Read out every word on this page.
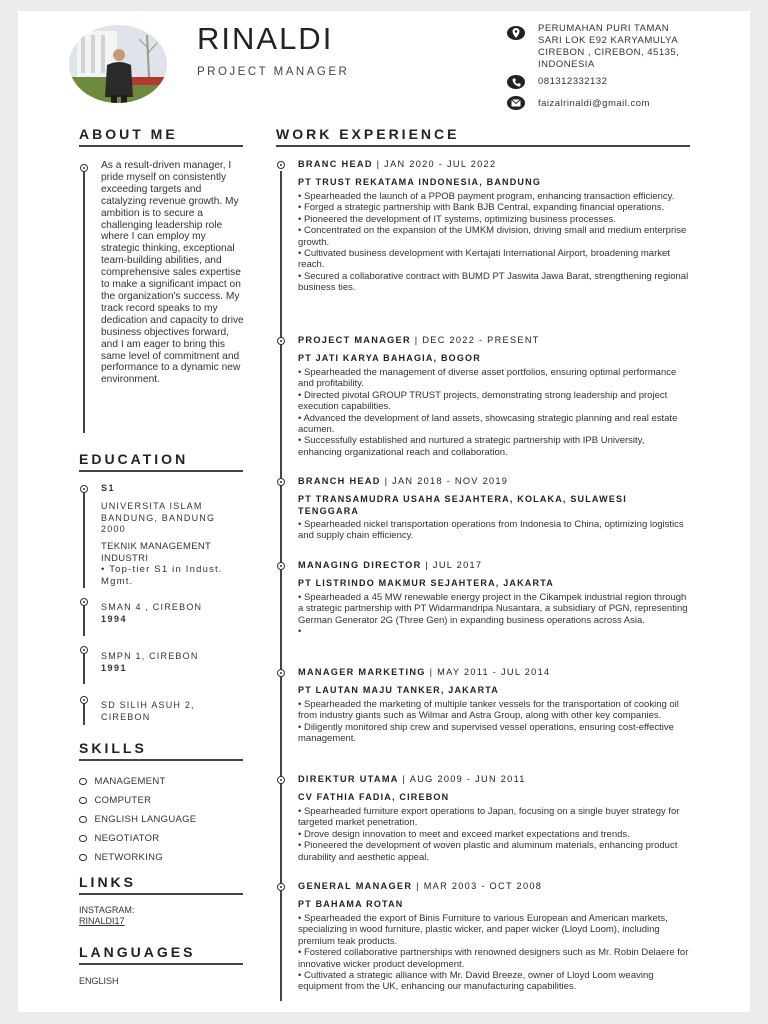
RINALDI
PROJECT MANAGER
PERUMAHAN PURI TAMAN
SARI LOK E92 KARYAMULYA
CIREBON , CIREBON, 45135,
INDONESIA
081312332132
faizalrinaldi@gmail.com
ABOUT ME
As a result-driven manager, I pride myself on consistently exceeding targets and catalyzing revenue growth. My ambition is to secure a challenging leadership role where I can employ my strategic thinking, exceptional team-building abilities, and comprehensive sales expertise to make a significant impact on the organization's success. My track record speaks to my dedication and capacity to drive business objectives forward, and I am eager to bring this same level of commitment and performance to a dynamic new environment.
EDUCATION
S1
UNIVERSITA ISLAM BANDUNG, BANDUNG
2000
TEKNIK MANAGEMENT INDUSTRI
• Top-tier S1 in Indust. Mgmt.
SMAN 4 , CIREBON
1994
SMPN 1, CIREBON
1991
SD SILIH ASUH 2, CIREBON
SKILLS
MANAGEMENT
COMPUTER
ENGLISH LANGUAGE
NEGOTIATOR
NETWORKING
LINKS
INSTAGRAM:
RINALDI17
LANGUAGES
ENGLISH
WORK EXPERIENCE
BRANC HEAD | JAN 2020 - JUL 2022
PT TRUST REKATAMA INDONESIA, BANDUNG

• Spearheaded the launch of a PPOB payment program, enhancing transaction efficiency.

• Forged a strategic partnership with Bank BJB Central, expanding financial operations.

• Pioneered the development of IT systems, optimizing business processes.

• Concentrated on the expansion of the UMKM division, driving small and medium enterprise growth.

• Cultivated business development with Kertajati International Airport, broadening market reach.

• Secured a collaborative contract with BUMD PT Jaswita Jawa Barat, strengthening regional business ties.

PROJECT MANAGER | DEC 2022 - PRESENT
PT JATI KARYA BAHAGIA, BOGOR

• Spearheaded the management of diverse asset portfolios, ensuring optimal performance and profitability.

• Directed pivotal GROUP TRUST projects, demonstrating strong leadership and project execution capabilities.

• Advanced the development of land assets, showcasing strategic planning and real estate acumen.

• Successfully established and nurtured a strategic partnership with IPB University, enhancing organizational reach and collaboration.

BRANCH HEAD | JAN 2018 - NOV 2019
PT TRANSAMUDRA USAHA SEJAHTERA, KOLAKA, SULAWESI TENGGARA

• Spearheaded nickel transportation operations from Indonesia to China, optimizing logistics and supply chain efficiency.

MANAGING DIRECTOR | JUL 2017
PT LISTRINDO MAKMUR SEJAHTERA, JAKARTA

• Spearheaded a 45 MW renewable energy project in the Cikampek industrial region through a strategic partnership with PT Widarmandripa Nusantara, a subsidiary of PGN, representing German Generator 2G (Three Gen) in expanding business operations across Asia.

•

MANAGER MARKETING | MAY 2011 - JUL 2014
PT LAUTAN MAJU TANKER, JAKARTA

• Spearheaded the marketing of multiple tanker vessels for the transportation of cooking oil from industry giants such as Wilmar and Astra Group, along with other key companies.

• Diligently monitored ship crew and supervised vessel operations, ensuring cost-effective management.

DIREKTUR UTAMA | AUG 2009 - JUN 2011
CV FATHIA FADIA, CIREBON

• Spearheaded furniture export operations to Japan, focusing on a single buyer strategy for targeted market penetration.

• Drove design innovation to meet and exceed market expectations and trends.

• Pioneered the development of woven plastic and aluminum materials, enhancing product durability and aesthetic appeal.

GENERAL MANAGER | MAR 2003 - OCT 2008
PT BAHAMA ROTAN

• Spearheaded the export of Binis Furniture to various European and American markets, specializing in wood furniture, plastic wicker, and paper wicker (Lloyd Loom), including premium teak products.

• Fostered collaborative partnerships with renowned designers such as Mr. Robin Delaere for innovative wicker product development.

• Cultivated a strategic alliance with Mr. David Breeze, owner of Lloyd Loom weaving equipment from the UK, enhancing our manufacturing capabilities.
